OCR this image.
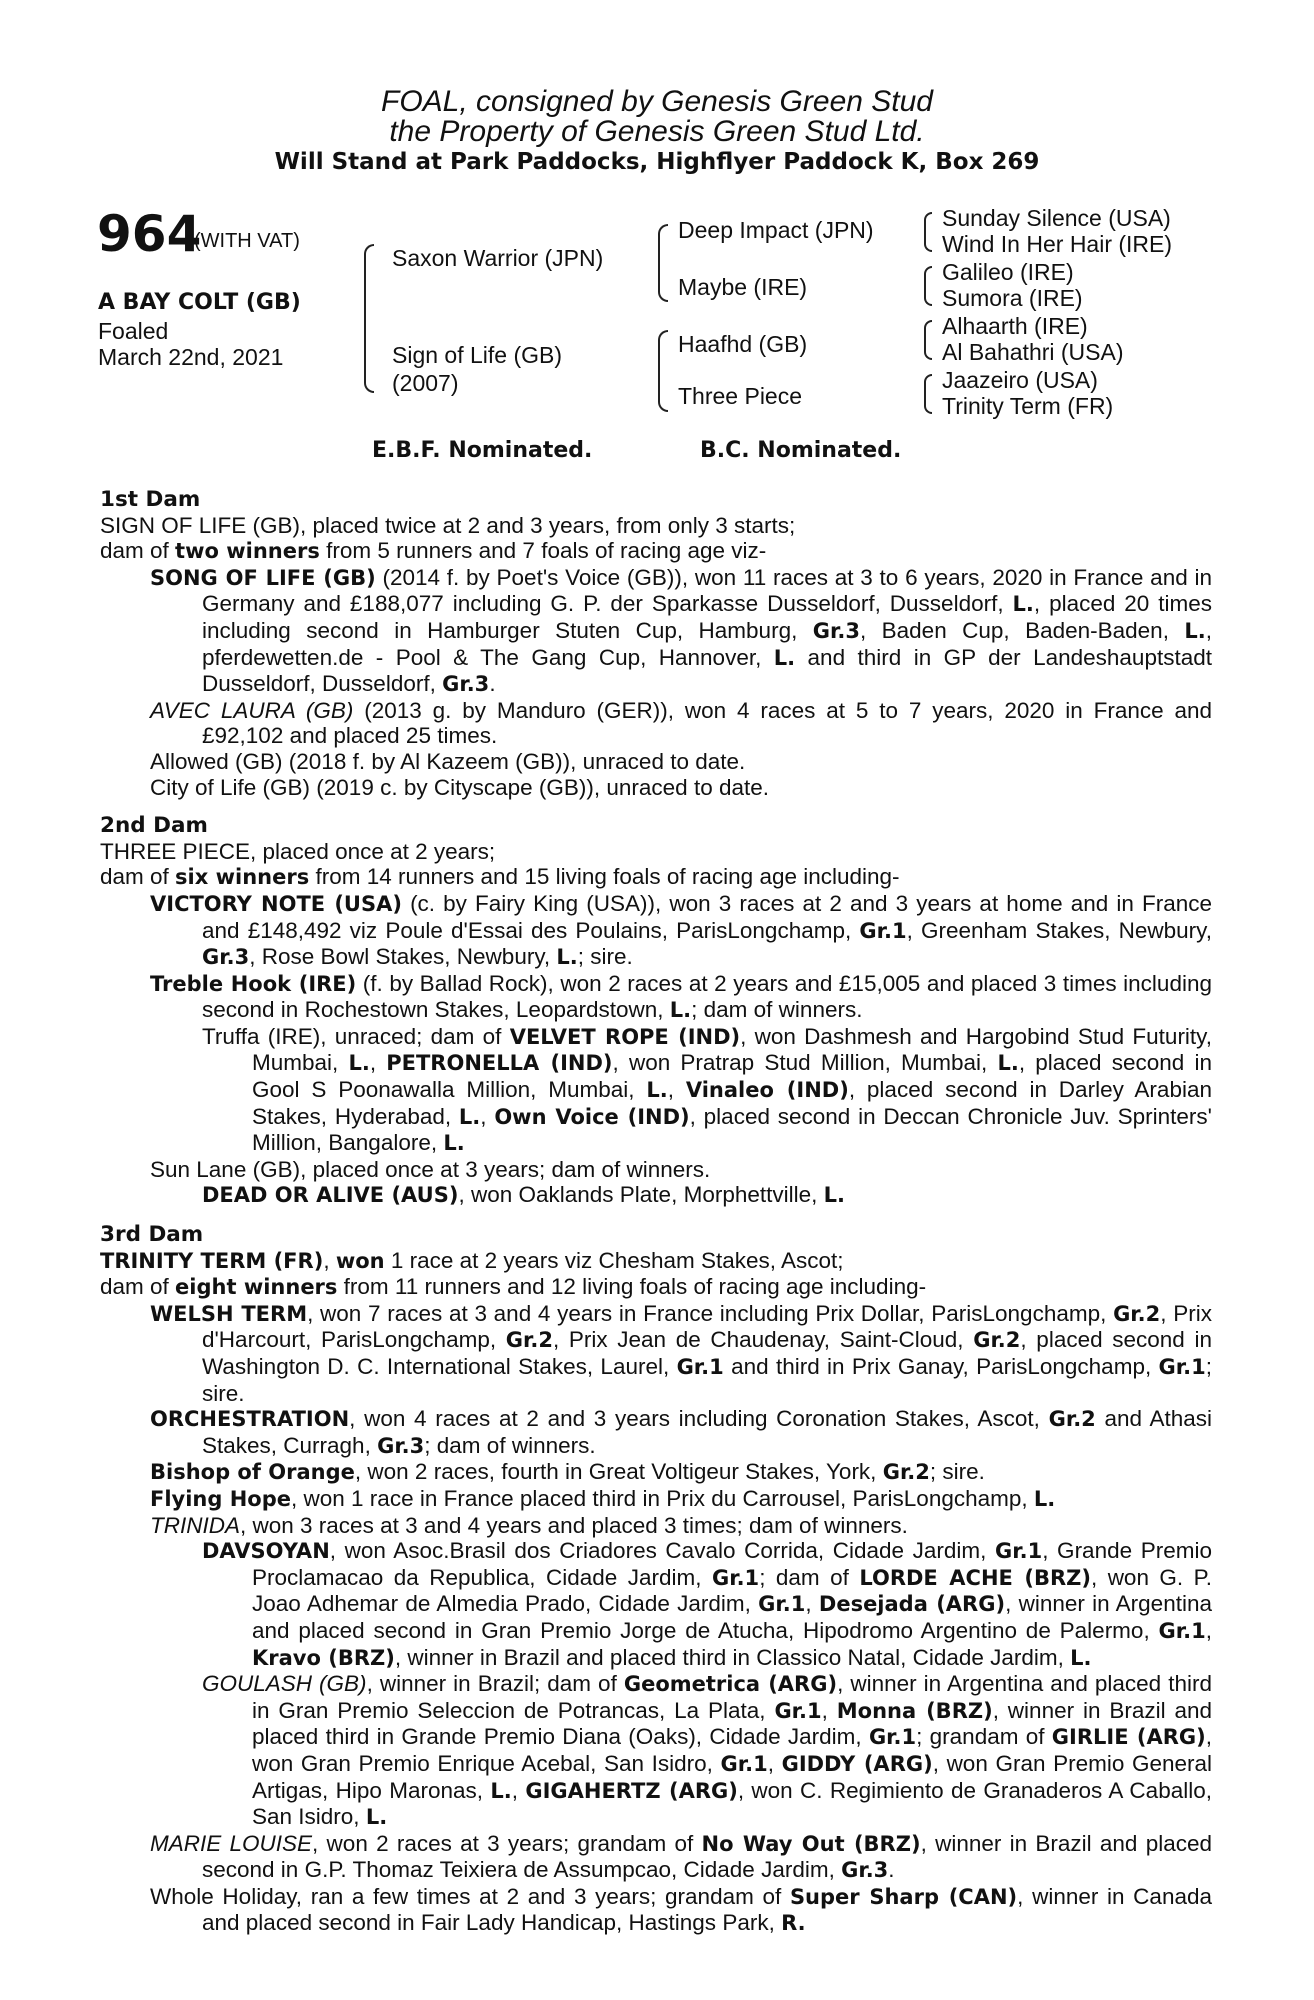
FOAL, consigned by Genesis Green Stud
the Property of Genesis Green Stud Ltd.
Will Stand at Park Paddocks, Highflyer Paddock K, Box 269
964
(WITH VAT)
A BAY COLT (GB)
Foaled
March 22nd, 2021
Saxon Warrior (JPN)
Sign of Life (GB)
(2007)
Deep Impact (JPN)
Maybe (IRE)
Haafhd (GB)
Three Piece
Sunday Silence (USA)
Wind In Her Hair (IRE)
Galileo (IRE)
Sumora (IRE)
Alhaarth (IRE)
Al Bahathri (USA)
Jaazeiro (USA)
Trinity Term (FR)
E.B.F. Nominated.	B.C. Nominated.

1st Dam

SIGN OF LIFE (GB), placed twice at 2 and 3 years, from only 3 starts;

dam of two winners from 5 runners and 7 foals of racing age viz-

SONG OF LIFE (GB) (2014 f. by Poet's Voice (GB)), won 11 races at 3 to 6 years, 2020 in France and in Germany and £188,077 including G. P. der Sparkasse Dusseldorf, Dusseldorf, L., placed 20 times including second in Hamburger Stuten Cup, Hamburg, Gr.3, Baden Cup, Baden-Baden, L., pferdewetten.de - Pool & The Gang Cup, Hannover, L. and third in GP der Landeshauptstadt Dusseldorf, Dusseldorf, Gr.3.

AVEC LAURA (GB) (2013 g. by Manduro (GER)), won 4 races at 5 to 7 years, 2020 in France and £92,102 and placed 25 times.

Allowed (GB) (2018 f. by Al Kazeem (GB)), unraced to date.

City of Life (GB) (2019 c. by Cityscape (GB)), unraced to date.

2nd Dam

THREE PIECE, placed once at 2 years;

dam of six winners from 14 runners and 15 living foals of racing age including-

VICTORY NOTE (USA) (c. by Fairy King (USA)), won 3 races at 2 and 3 years at home and in France and £148,492 viz Poule d'Essai des Poulains, ParisLongchamp, Gr.1, Greenham Stakes, Newbury, Gr.3, Rose Bowl Stakes, Newbury, L.; sire.

Treble Hook (IRE) (f. by Ballad Rock), won 2 races at 2 years and £15,005 and placed 3 times including second in Rochestown Stakes, Leopardstown, L.; dam of winners.

Truffa (IRE), unraced; dam of VELVET ROPE (IND), won Dashmesh and Hargobind Stud Futurity, Mumbai, L., PETRONELLA (IND), won Pratrap Stud Million, Mumbai, L., placed second in Gool S Poonawalla Million, Mumbai, L., Vinaleo (IND), placed second in Darley Arabian Stakes, Hyderabad, L., Own Voice (IND), placed second in Deccan Chronicle Juv. Sprinters' Million, Bangalore, L.

Sun Lane (GB), placed once at 3 years; dam of winners.

DEAD OR ALIVE (AUS), won Oaklands Plate, Morphettville, L.

3rd Dam

TRINITY TERM (FR), won 1 race at 2 years viz Chesham Stakes, Ascot;

dam of eight winners from 11 runners and 12 living foals of racing age including-

WELSH TERM, won 7 races at 3 and 4 years in France including Prix Dollar, ParisLongchamp, Gr.2, Prix d'Harcourt, ParisLongchamp, Gr.2, Prix Jean de Chaudenay, Saint-Cloud, Gr.2, placed second in Washington D. C. International Stakes, Laurel, Gr.1 and third in Prix Ganay, ParisLongchamp, Gr.1; sire.

ORCHESTRATION, won 4 races at 2 and 3 years including Coronation Stakes, Ascot, Gr.2 and Athasi Stakes, Curragh, Gr.3; dam of winners.

Bishop of Orange, won 2 races, fourth in Great Voltigeur Stakes, York, Gr.2; sire.

Flying Hope, won 1 race in France placed third in Prix du Carrousel, ParisLongchamp, L.

TRINIDA, won 3 races at 3 and 4 years and placed 3 times; dam of winners.

DAVSOYAN, won Asoc.Brasil dos Criadores Cavalo Corrida, Cidade Jardim, Gr.1, Grande Premio Proclamacao da Republica, Cidade Jardim, Gr.1; dam of LORDE ACHE (BRZ), won G. P. Joao Adhemar de Almedia Prado, Cidade Jardim, Gr.1, Desejada (ARG), winner in Argentina and placed second in Gran Premio Jorge de Atucha, Hipodromo Argentino de Palermo, Gr.1, Kravo (BRZ), winner in Brazil and placed third in Classico Natal, Cidade Jardim, L.

GOULASH (GB), winner in Brazil; dam of Geometrica (ARG), winner in Argentina and placed third in Gran Premio Seleccion de Potrancas, La Plata, Gr.1, Monna (BRZ), winner in Brazil and placed third in Grande Premio Diana (Oaks), Cidade Jardim, Gr.1; grandam of GIRLIE (ARG), won Gran Premio Enrique Acebal, San Isidro, Gr.1, GIDDY (ARG), won Gran Premio General Artigas, Hipo Maronas, L., GIGAHERTZ (ARG), won C. Regimiento de Granaderos A Caballo, San Isidro, L.

MARIE LOUISE, won 2 races at 3 years; grandam of No Way Out (BRZ), winner in Brazil and placed second in G.P. Thomaz Teixiera de Assumpcao, Cidade Jardim, Gr.3.

Whole Holiday, ran a few times at 2 and 3 years; grandam of Super Sharp (CAN), winner in Canada and placed second in Fair Lady Handicap, Hastings Park, R.
